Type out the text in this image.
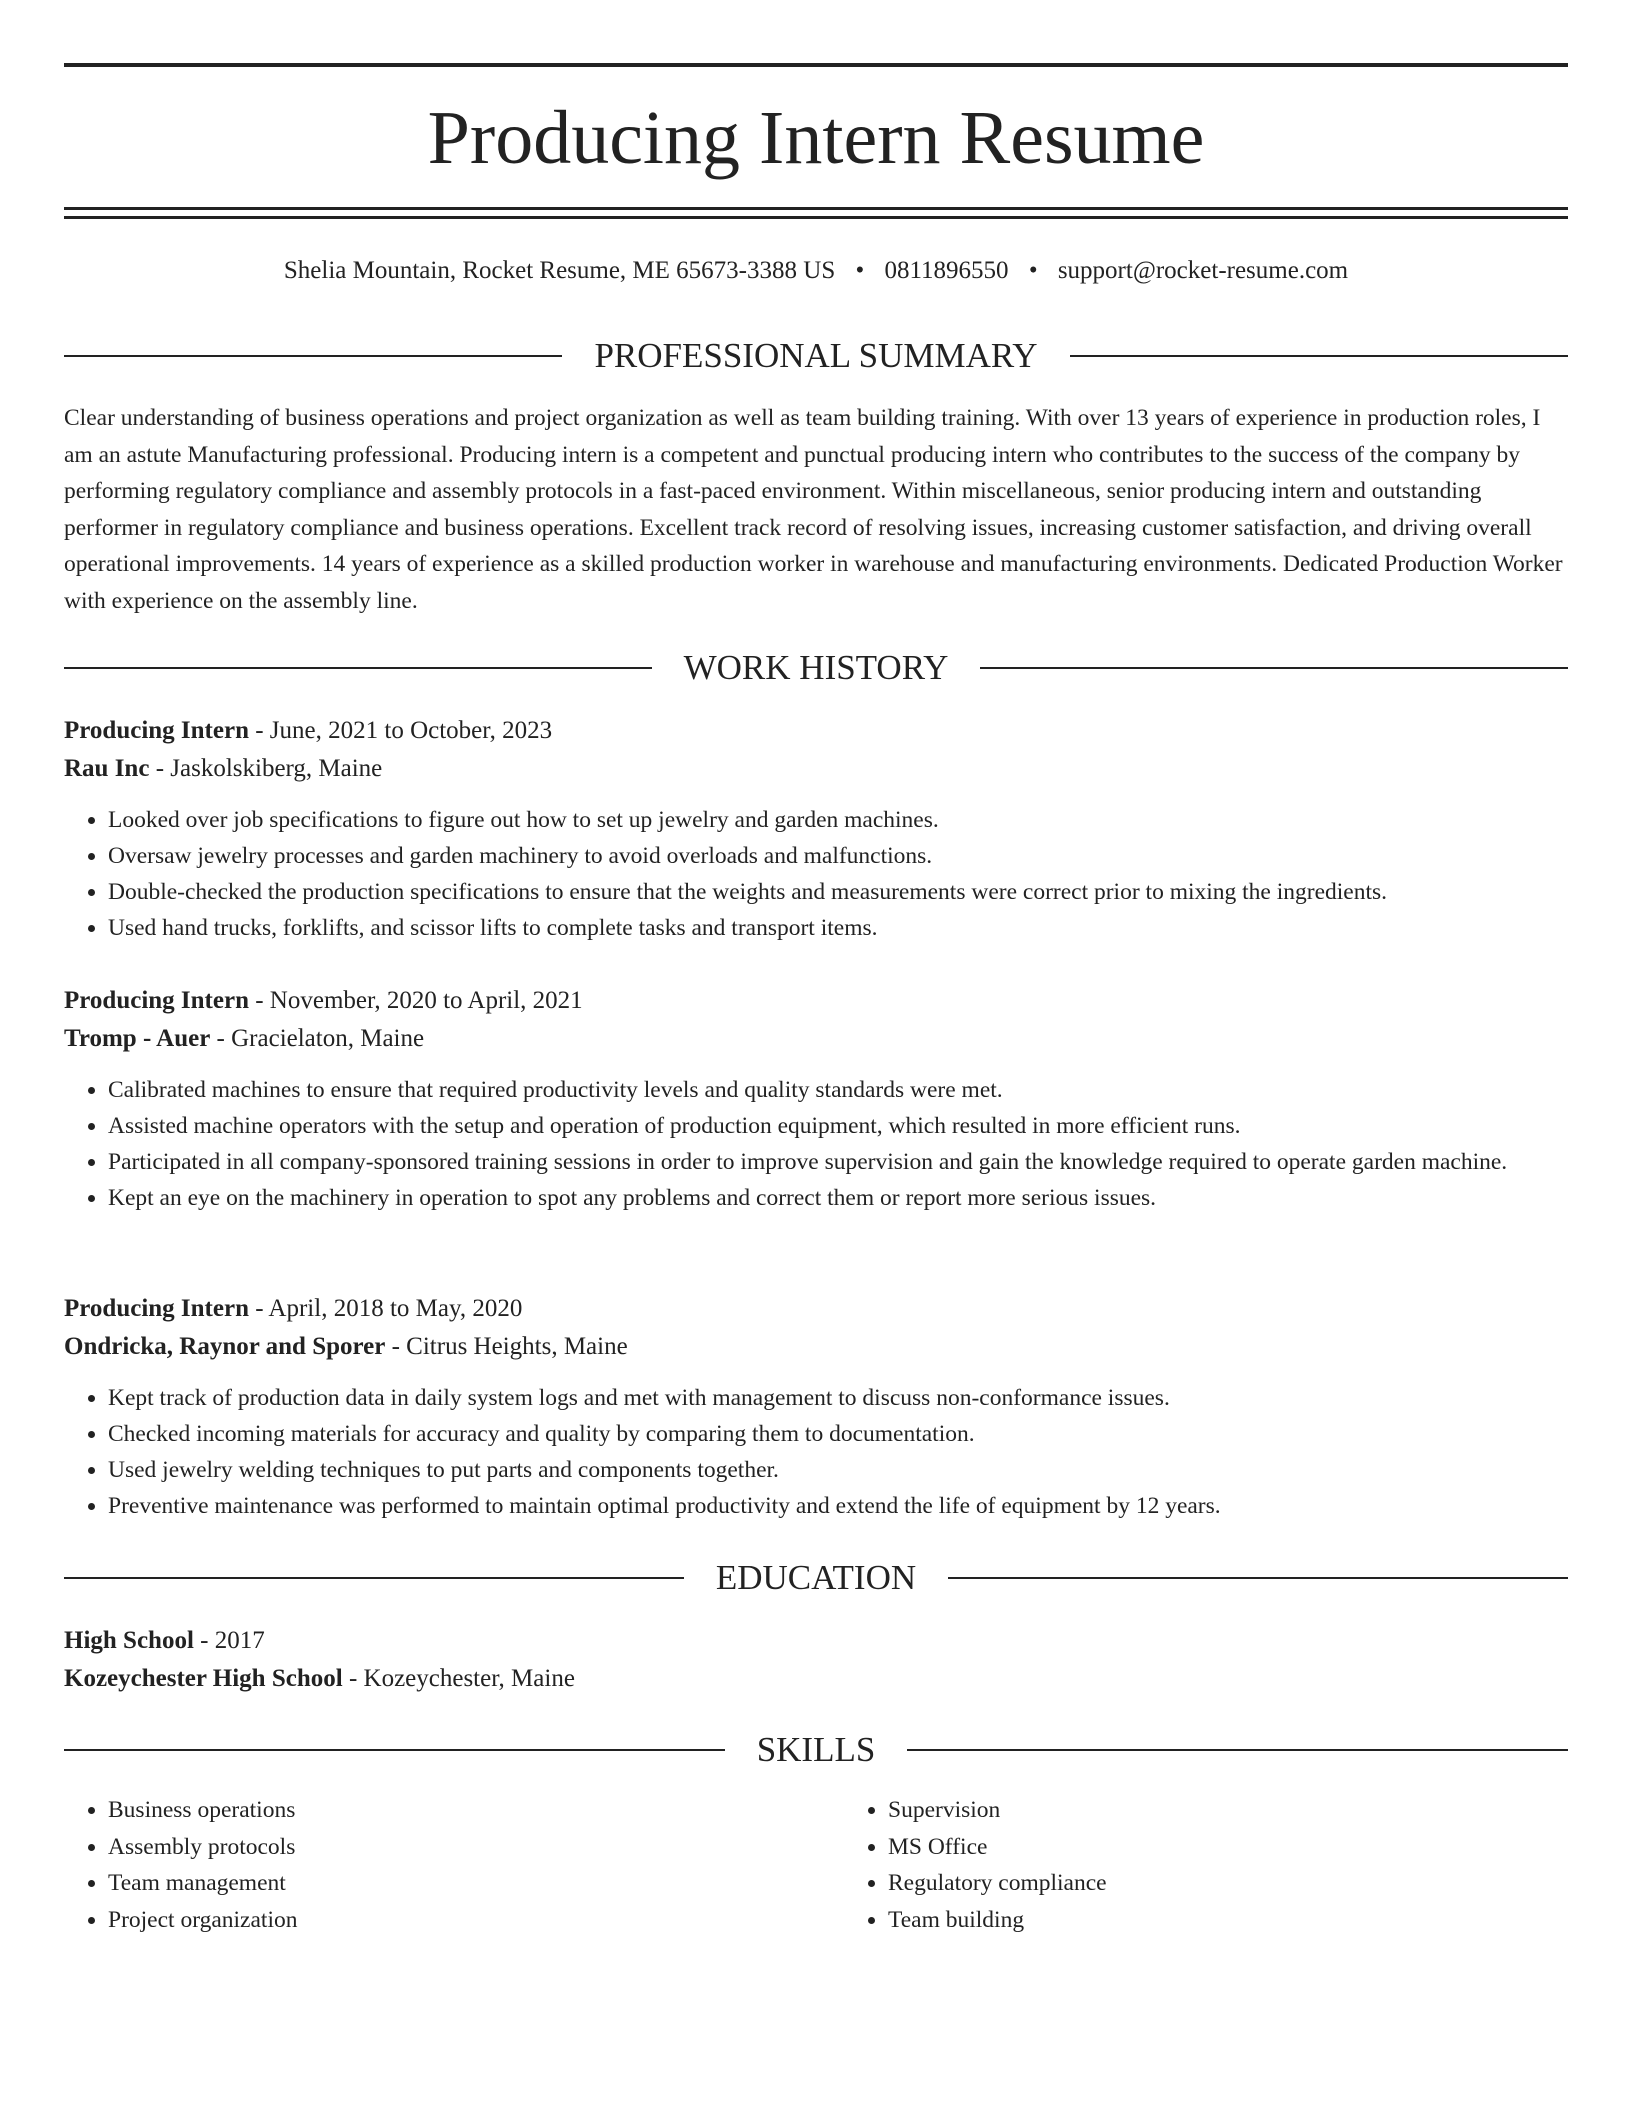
Producing Intern Resume
Shelia Mountain, Rocket Resume, ME 65673-3388 US • 0811896550 • support@rocket-resume.com
PROFESSIONAL SUMMARY

Clear understanding of business operations and project organization as well as team building training. With over 13 years of experience in production roles, I am an astute Manufacturing professional. Producing intern is a competent and punctual producing intern who contributes to the success of the company by performing regulatory compliance and assembly protocols in a fast-paced environment. Within miscellaneous, senior producing intern and outstanding performer in regulatory compliance and business operations. Excellent track record of resolving issues, increasing customer satisfaction, and driving overall operational improvements. 14 years of experience as a skilled production worker in warehouse and manufacturing environments. Dedicated Production Worker with experience on the assembly line.

WORK HISTORY
Producing Intern - June, 2021 to October, 2023
Rau Inc - Jaskolskiberg, Maine
• Looked over job specifications to figure out how to set up jewelry and garden machines.
• Oversaw jewelry processes and garden machinery to avoid overloads and malfunctions.
• Double-checked the production specifications to ensure that the weights and measurements were correct prior to mixing the ingredients.
• Used hand trucks, forklifts, and scissor lifts to complete tasks and transport items.
Producing Intern - November, 2020 to April, 2021
Tromp - Auer - Gracielaton, Maine
• Calibrated machines to ensure that required productivity levels and quality standards were met.
• Assisted machine operators with the setup and operation of production equipment, which resulted in more efficient runs.
• Participated in all company-sponsored training sessions in order to improve supervision and gain the knowledge required to operate garden machine.
• Kept an eye on the machinery in operation to spot any problems and correct them or report more serious issues.
Producing Intern - April, 2018 to May, 2020
Ondricka, Raynor and Sporer - Citrus Heights, Maine
• Kept track of production data in daily system logs and met with management to discuss non-conformance issues.
• Checked incoming materials for accuracy and quality by comparing them to documentation.
• Used jewelry welding techniques to put parts and components together.
• Preventive maintenance was performed to maintain optimal productivity and extend the life of equipment by 12 years.
EDUCATION
High School - 2017
Kozeychester High School - Kozeychester, Maine
SKILLS
• Business operations
• Assembly protocols
• Team management
• Project organization
• Supervision
• MS Office
• Regulatory compliance
• Team building
